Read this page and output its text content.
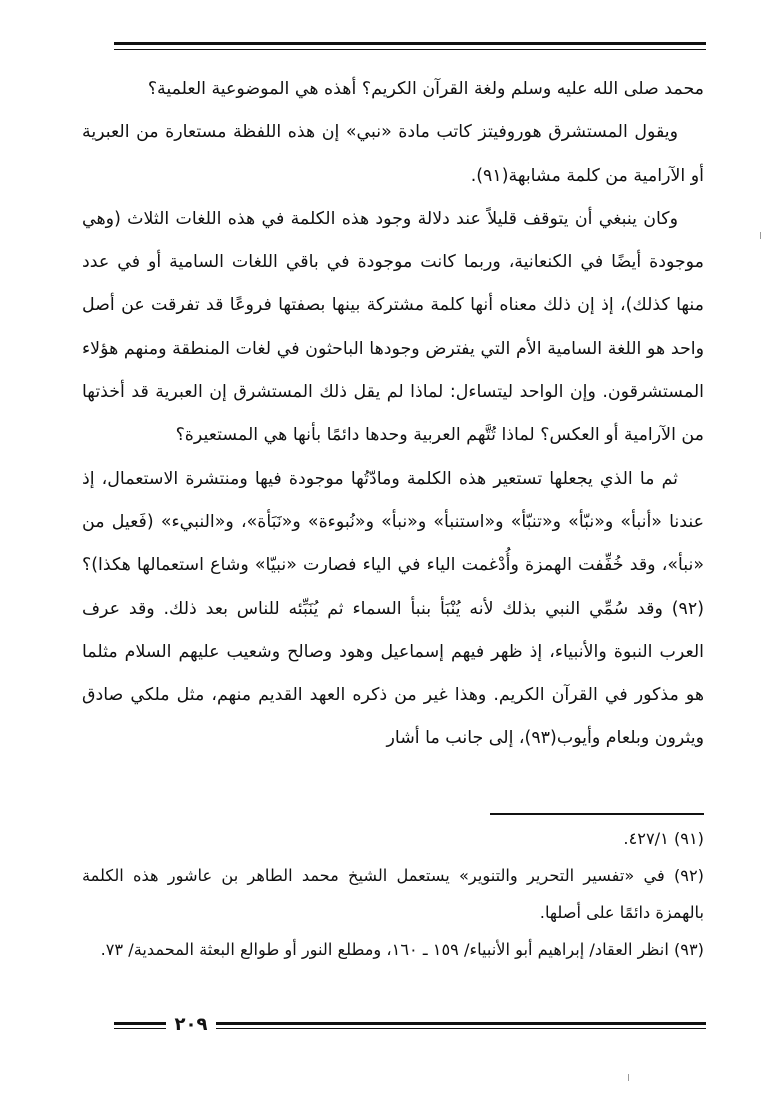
محمد صلى الله عليه وسلم ولغة القرآن الكريم؟ أهذه هي الموضوعية العلمية؟

ويقول المستشرق هوروفيتز كاتب مادة «نبي» إن هذه اللفظة مستعارة من العبرية أو الآرامية من كلمة مشابهة(٩١).

وكان ينبغي أن يتوقف قليلاً عند دلالة وجود هذه الكلمة في هذه اللغات الثلاث (وهي موجودة أيضًا في الكنعانية، وربما كانت موجودة في باقي اللغات السامية أو في عدد منها كذلك)، إذ إن ذلك معناه أنها كلمة مشتركة بينها بصفتها فروعًا قد تفرقت عن أصل واحد هو اللغة السامية الأم التي يفترض وجودها الباحثون في لغات المنطقة ومنهم هؤلاء المستشرقون. وإن الواحد ليتساءل: لماذا لم يقل ذلك المستشرق إن العبرية قد أخذتها من الآرامية أو العكس؟ لماذا تُتَّهم العربية وحدها دائمًا بأنها هي المستعيرة؟

ثم ما الذي يجعلها تستعير هذه الكلمة ومادّتُها موجودة فيها ومنتشرة الاستعمال، إذ عندنا «أنبأ» و«نبّأ» و«تنبّأ» و«استنبأ» و«نبأ» و«نُبوءة» و«نَبَأة»، و«النبيء» (فَعيل من «نبأ»، وقد خُفِّفت الهمزة وأُدْغمت الياء في الياء فصارت «نبيّا» وشاع استعمالها هكذا)؟(٩٢) وقد سُمِّي النبي بذلك لأنه يُنْبَأ بنبأ السماء ثم يُنَبِّئه للناس بعد ذلك. وقد عرف العرب النبوة والأنبياء، إذ ظهر فيهم إسماعيل وهود وصالح وشعيب عليهم السلام مثلما هو مذكور في القرآن الكريم. وهذا غير من ذكره العهد القديم منهم، مثل ملكي صادق ويثرون وبلعام وأيوب(٩٣)، إلى جانب ما أشار

(٩١) ٤٢٧/١.

(٩٢) في «تفسير التحرير والتنوير» يستعمل الشيخ محمد الطاهر بن عاشور هذه الكلمة بالهمزة دائمًا على أصلها.

(٩٣) انظر العقاد/ إبراهيم أبو الأنبياء/ ١٥٩ ـ ١٦٠، ومطلع النور أو طوالع البعثة المحمدية/ ٧٣.

٢٠٩
